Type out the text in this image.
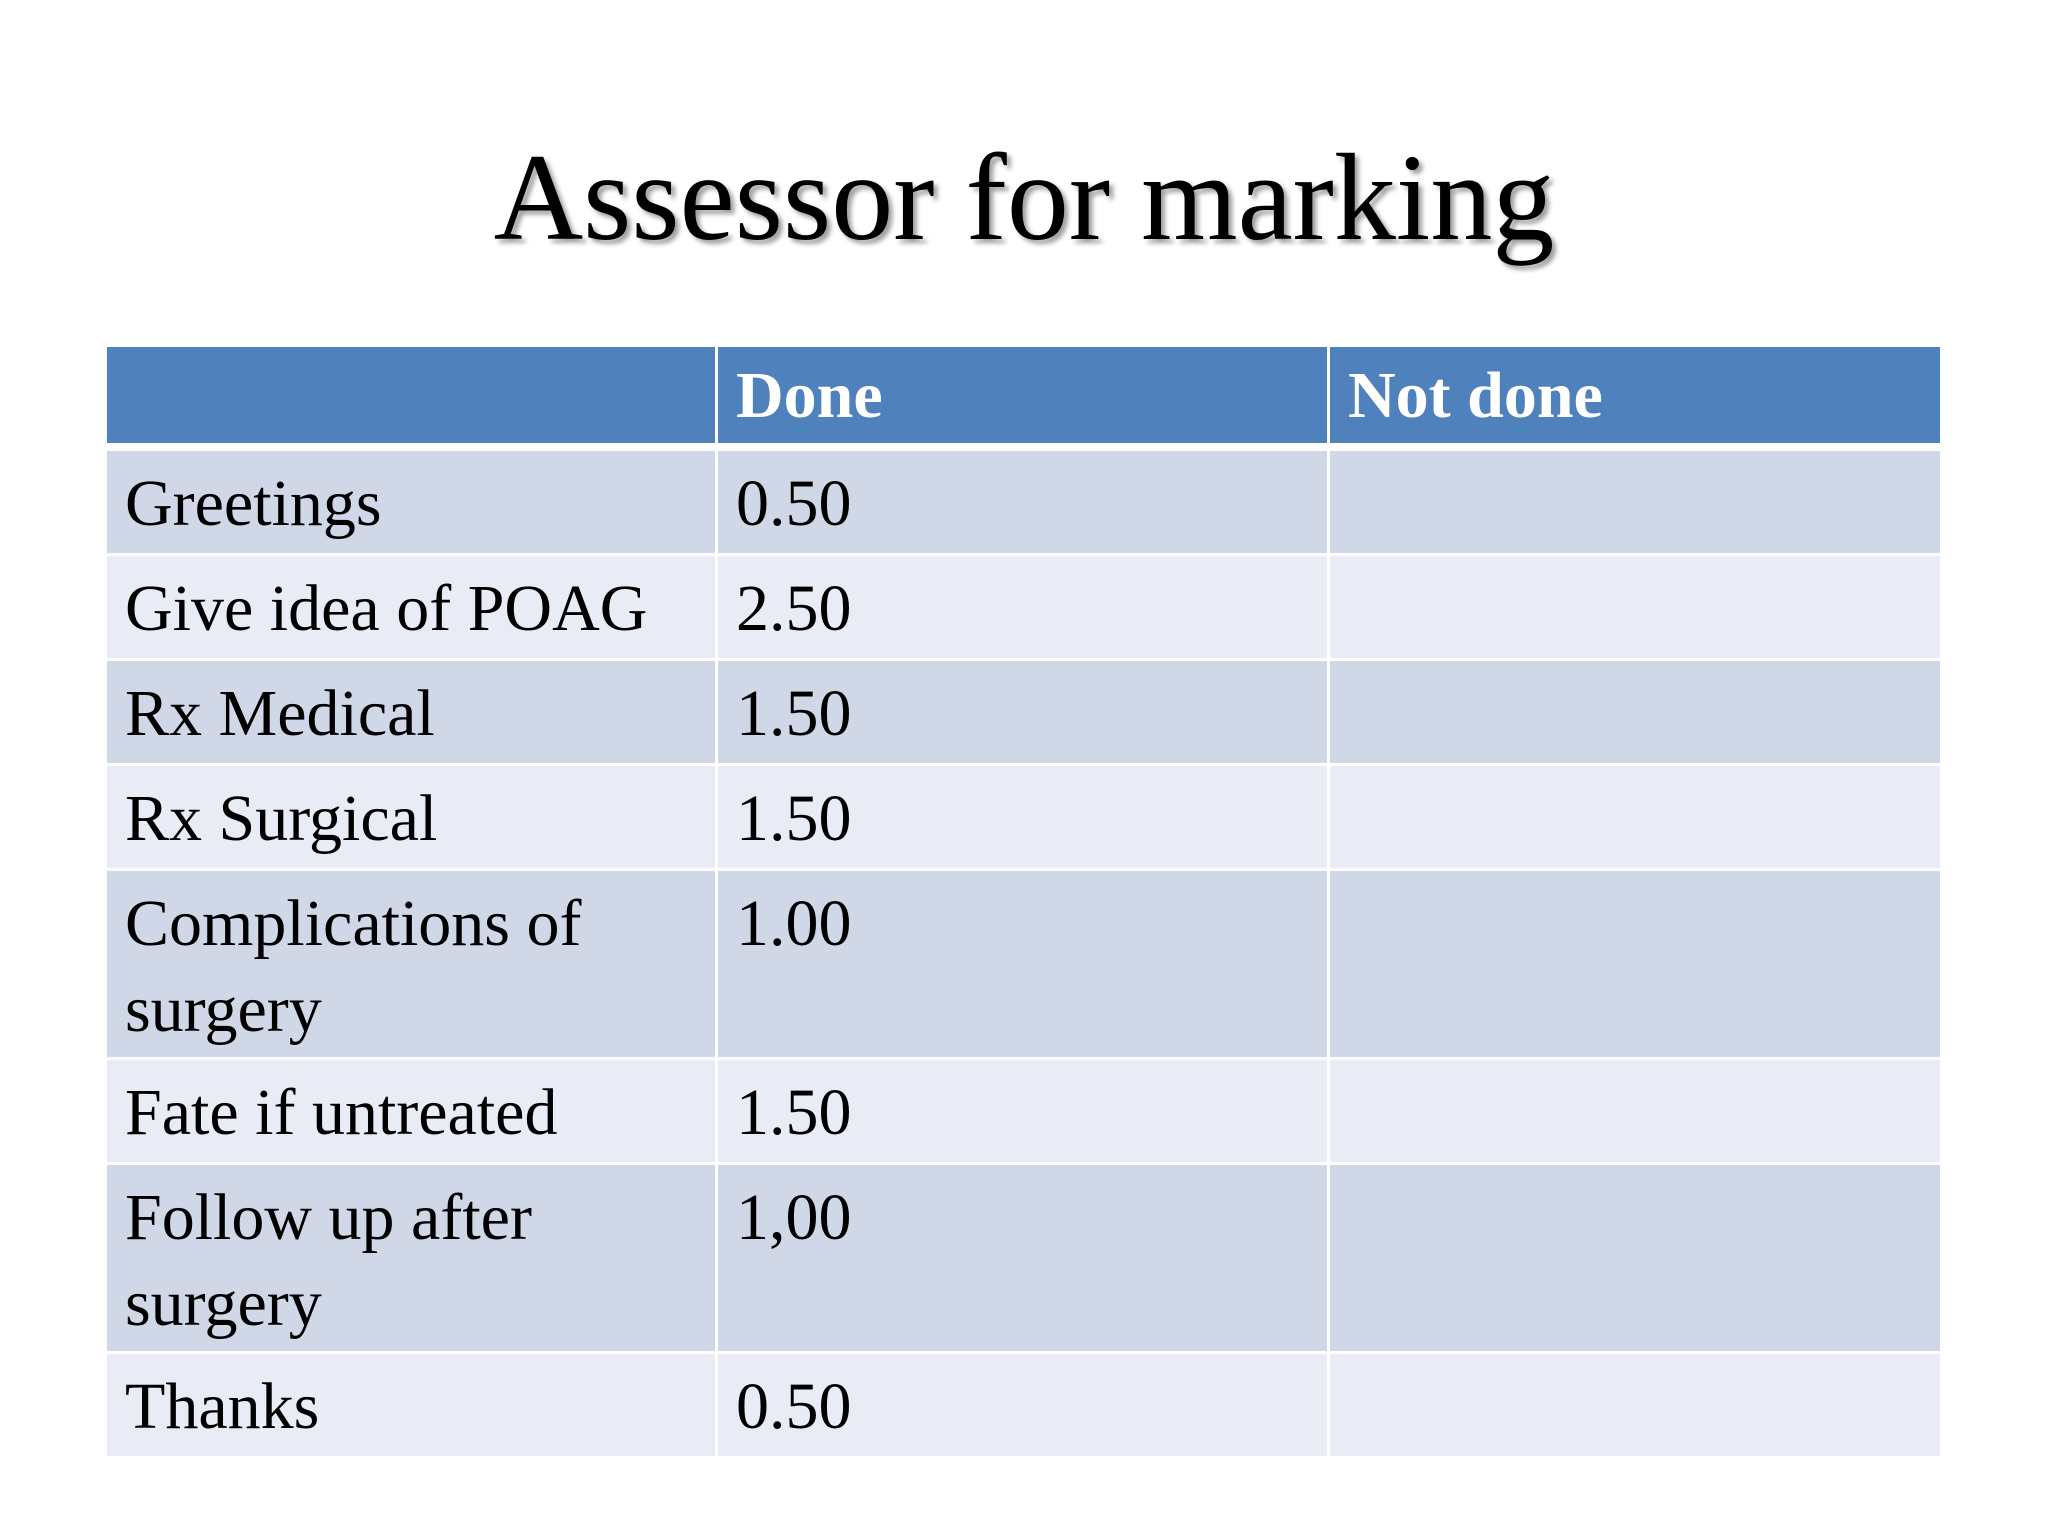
Assessor for marking
	Done	Not done
Greetings	0.50	
Give idea of POAG	2.50	
Rx Medical	1.50	
Rx Surgical	1.50	
Complications of surgery	1.00	
Fate if untreated	1.50	
Follow up after surgery	1,00	
Thanks	0.50	
